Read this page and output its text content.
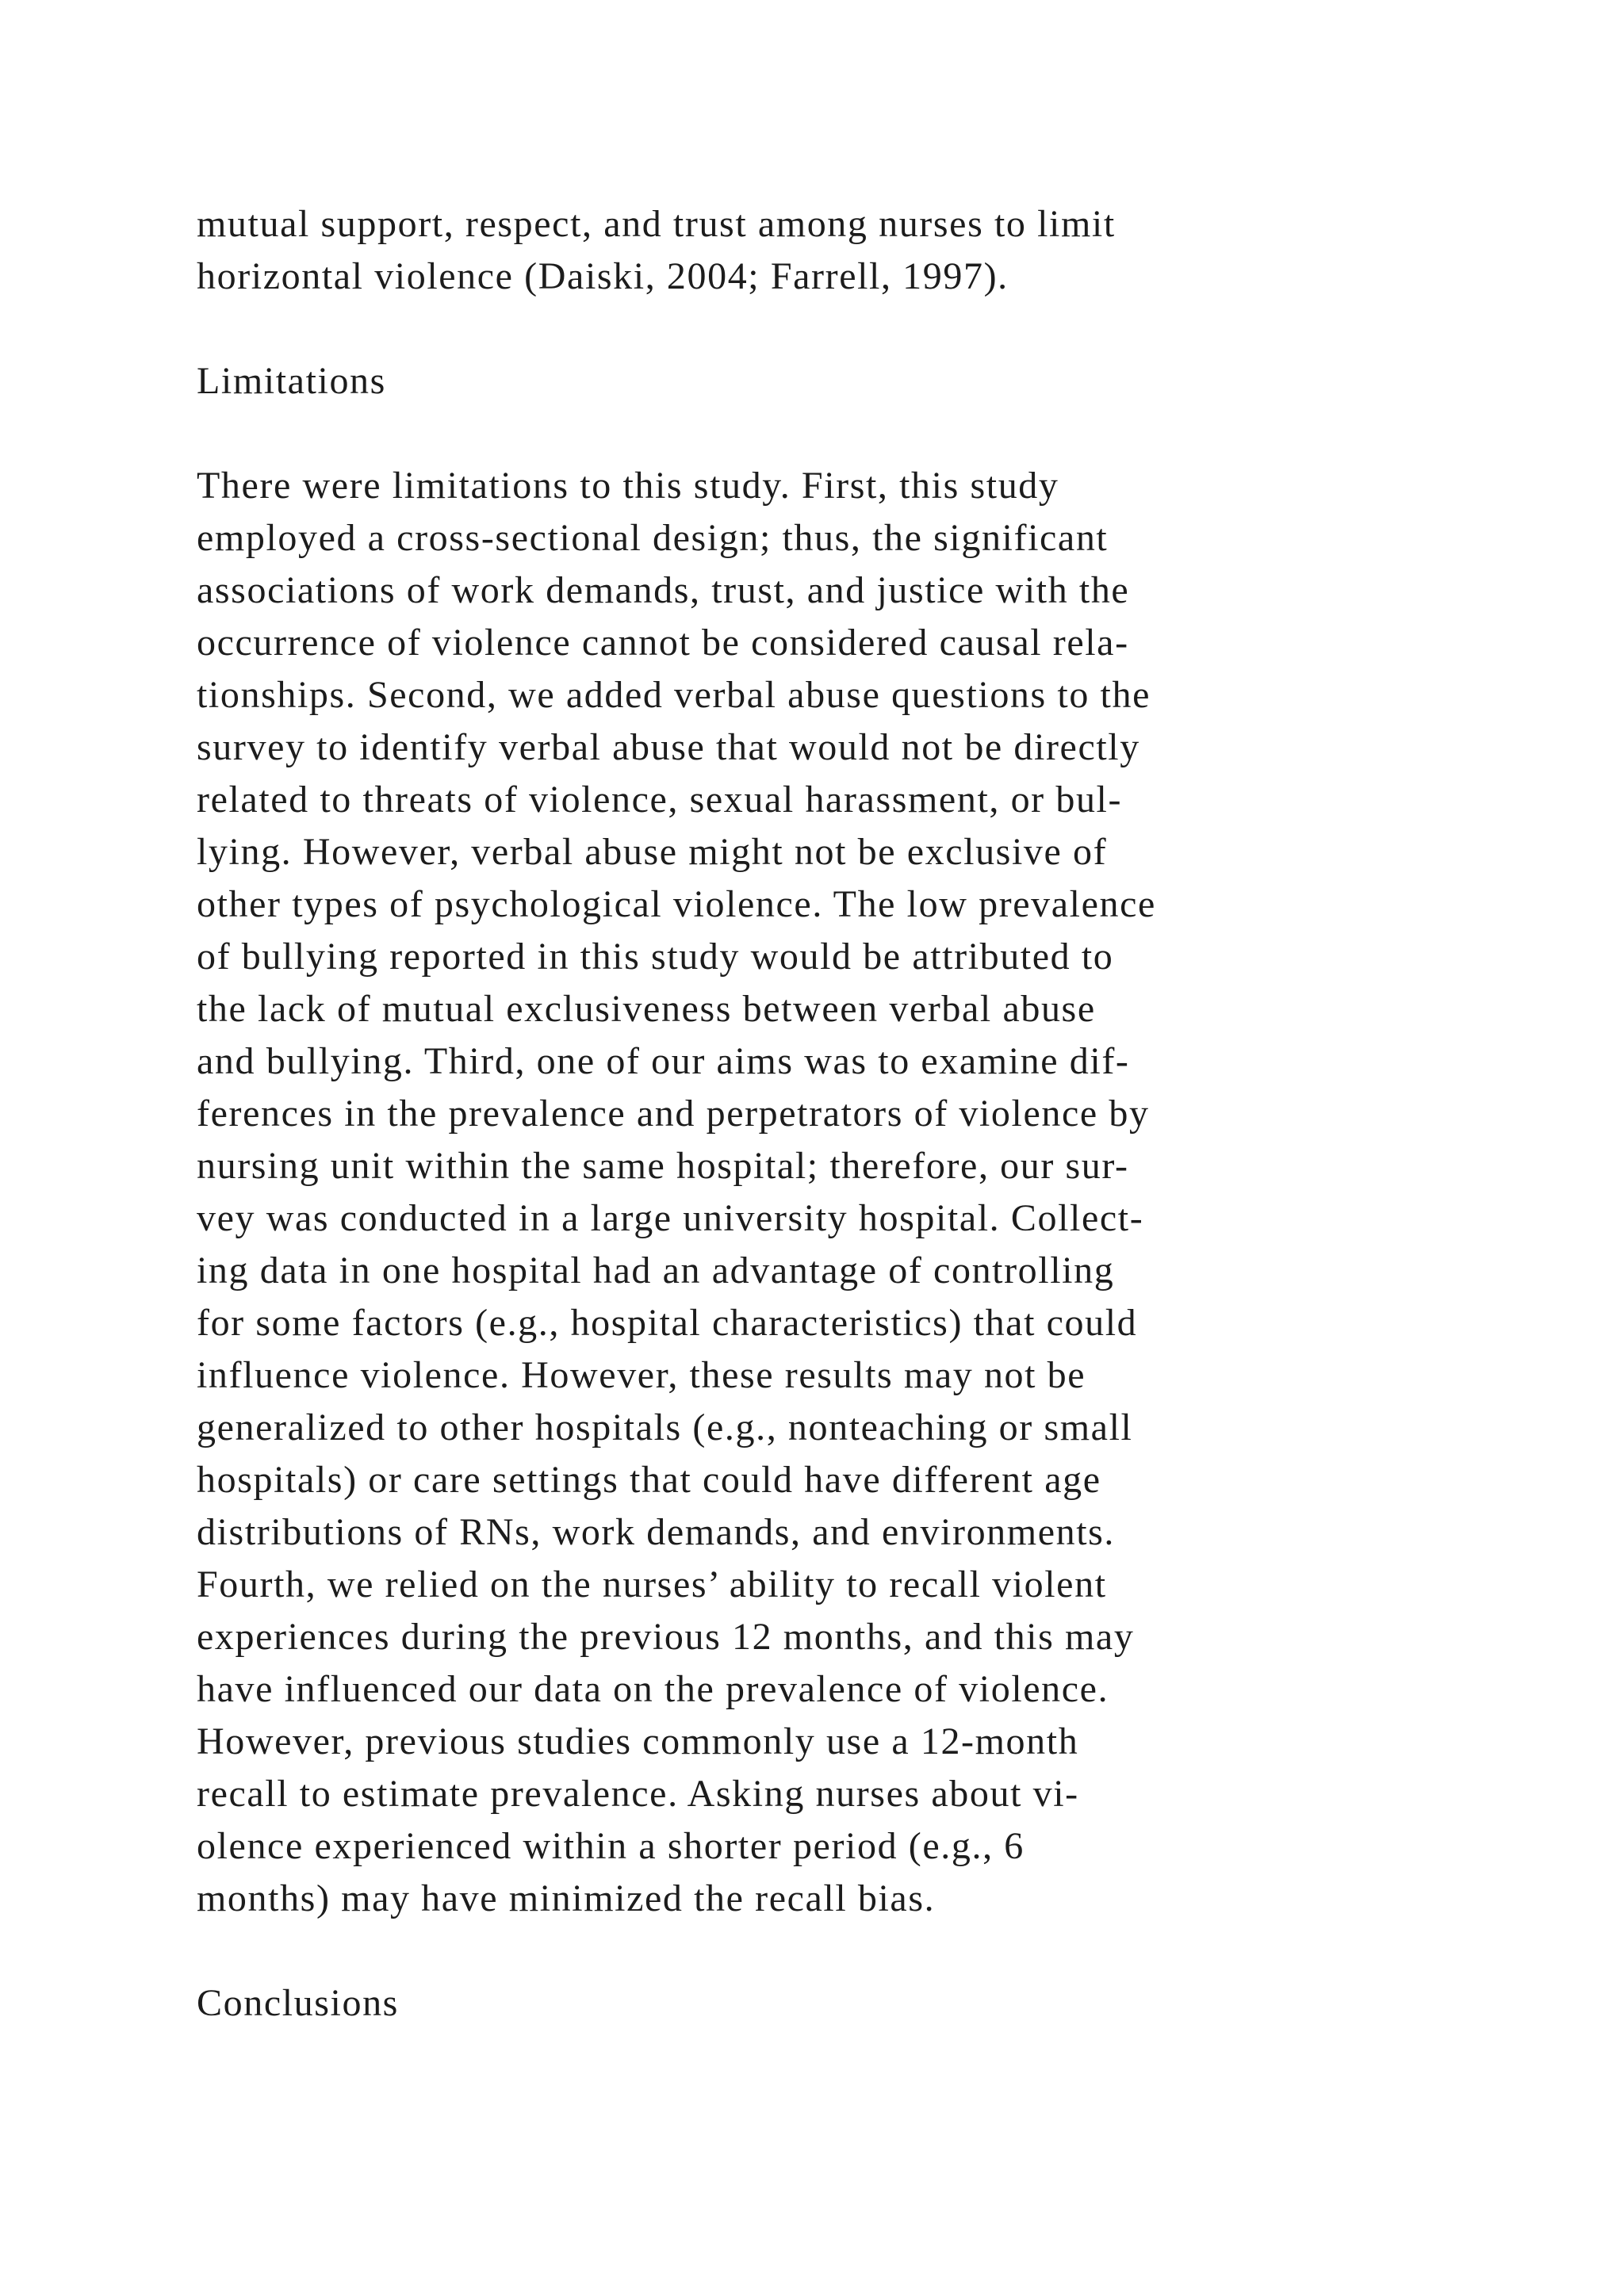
mutual support, respect, and trust among nurses to limit
horizontal violence (Daiski, 2004; Farrell, 1997).
Limitations
There were limitations to this study. First, this study
employed a cross-sectional design; thus, the significant
associations of work demands, trust, and justice with the
occurrence of violence cannot be considered causal rela-
tionships. Second, we added verbal abuse questions to the
survey to identify verbal abuse that would not be directly
related to threats of violence, sexual harassment, or bul-
lying. However, verbal abuse might not be exclusive of
other types of psychological violence. The low prevalence
of bullying reported in this study would be attributed to
the lack of mutual exclusiveness between verbal abuse
and bullying. Third, one of our aims was to examine dif-
ferences in the prevalence and perpetrators of violence by
nursing unit within the same hospital; therefore, our sur-
vey was conducted in a large university hospital. Collect-
ing data in one hospital had an advantage of controlling
for some factors (e.g., hospital characteristics) that could
influence violence. However, these results may not be
generalized to other hospitals (e.g., nonteaching or small
hospitals) or care settings that could have different age
distributions of RNs, work demands, and environments.
Fourth, we relied on the nurses’ ability to recall violent
experiences during the previous 12 months, and this may
have influenced our data on the prevalence of violence.
However, previous studies commonly use a 12-month
recall to estimate prevalence. Asking nurses about vi-
olence experienced within a shorter period (e.g., 6
months) may have minimized the recall bias.
Conclusions
